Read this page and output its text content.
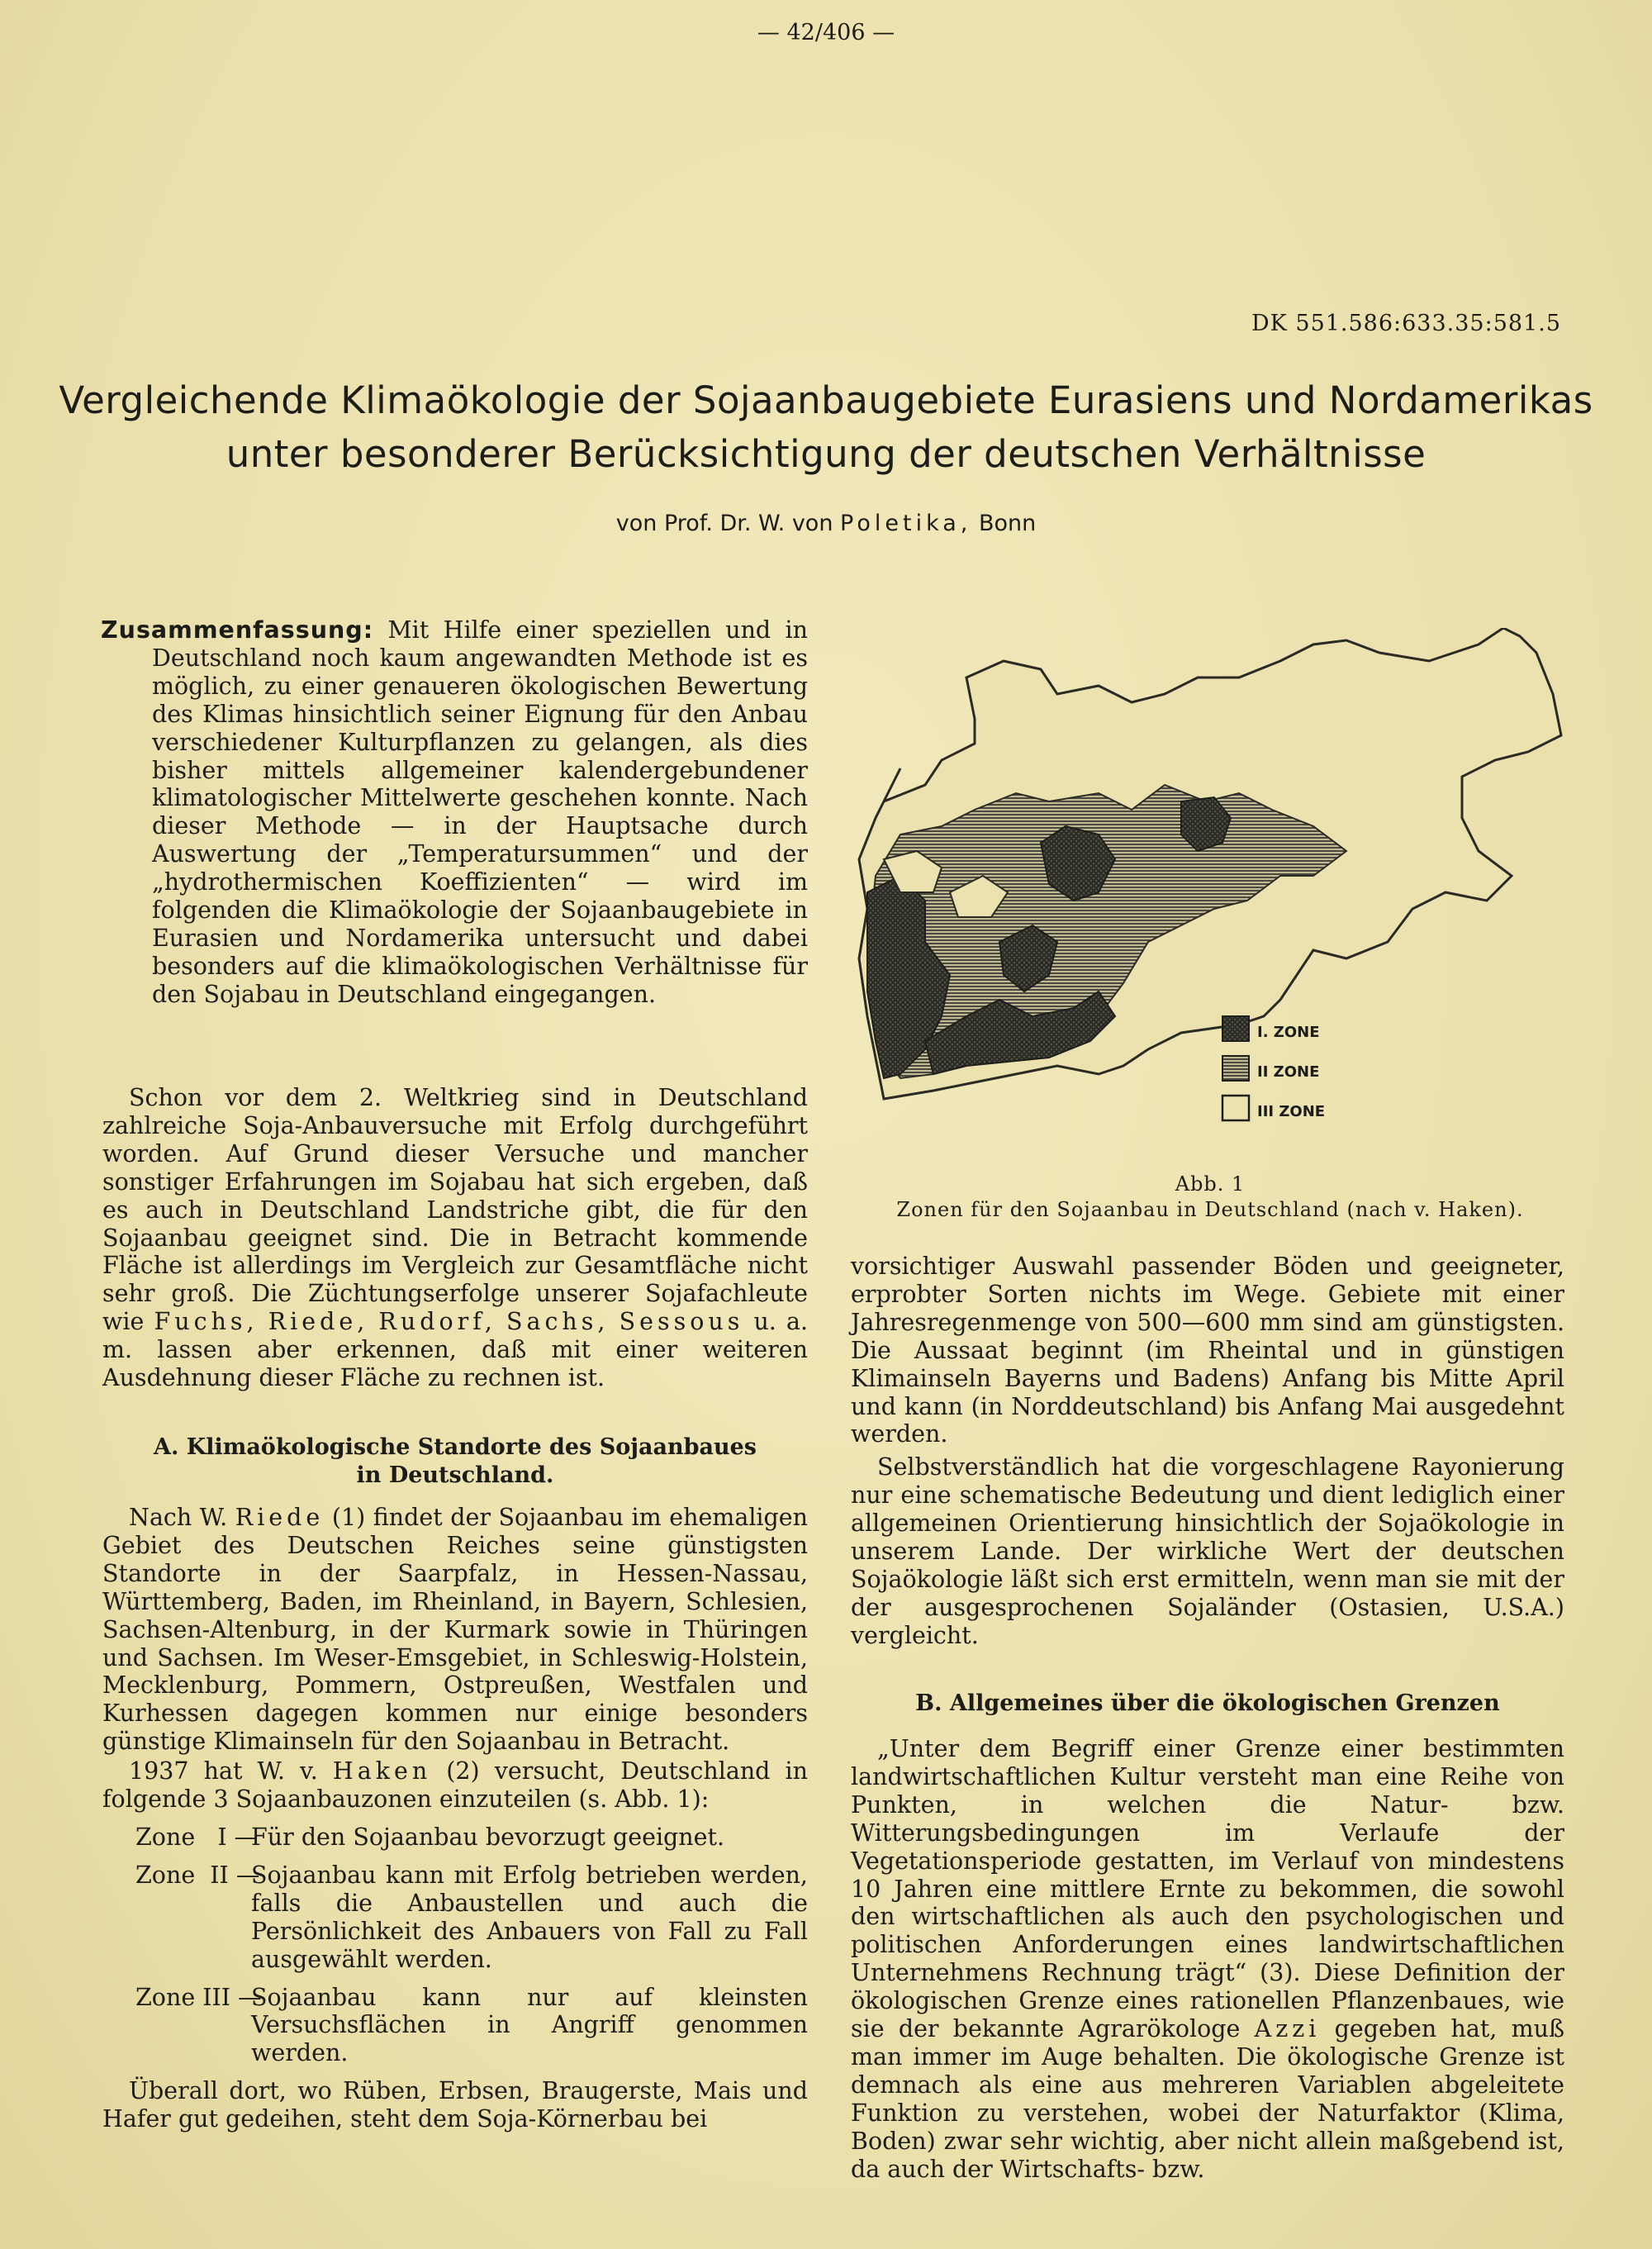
— 42/406 —
DK 551.586:633.35:581.5
Vergleichende Klimaökologie der Sojaanbaugebiete Eurasiens und Nordamerikas
unter besonderer Berücksichtigung der deutschen Verhältnisse
von Prof. Dr. W. von Poletika, Bonn

Zusammenfassung: Mit Hilfe einer speziellen und in Deutschland noch kaum angewandten Methode ist es möglich, zu einer genaueren ökologischen Bewertung des Klimas hinsichtlich seiner Eignung für den Anbau verschiedener Kulturpflanzen zu gelangen, als dies bisher mittels allgemeiner kalendergebundener klimatologischer Mittelwerte geschehen konnte. Nach dieser Methode — in der Hauptsache durch Auswertung der „Temperatursummen“ und der „hydrothermischen Koeffizienten“ — wird im folgenden die Klimaökologie der Sojaanbaugebiete in Eurasien und Nordamerika untersucht und dabei besonders auf die klimaökologischen Verhältnisse für den Sojabau in Deutschland eingegangen.

Schon vor dem 2. Weltkrieg sind in Deutschland zahlreiche Soja-Anbauversuche mit Erfolg durchgeführt worden. Auf Grund dieser Versuche und mancher sonstiger Erfahrungen im Sojabau hat sich ergeben, daß es auch in Deutschland Landstriche gibt, die für den Sojaanbau geeignet sind. Die in Betracht kommende Fläche ist allerdings im Vergleich zur Gesamtfläche nicht sehr groß. Die Züchtungserfolge unserer Sojafachleute wie Fuchs, Riede, Rudorf, Sachs, Sessous u. a. m. lassen aber erkennen, daß mit einer weiteren Ausdehnung dieser Fläche zu rechnen ist.

A. Klimaökologische Standorte des Sojaanbaues

in Deutschland.

Nach W. Riede (1) findet der Sojaanbau im ehemaligen Gebiet des Deutschen Reiches seine günstigsten Standorte in der Saarpfalz, in Hessen-Nassau, Württemberg, Baden, im Rheinland, in Bayern, Schlesien, Sachsen-Altenburg, in der Kurmark sowie in Thüringen und Sachsen. Im Weser-Emsgebiet, in Schleswig-Holstein, Mecklenburg, Pommern, Ostpreußen, Westfalen und Kurhessen dagegen kommen nur einige besonders günstige Klimainseln für den Sojaanbau in Betracht.

1937 hat W. v. Haken (2) versucht, Deutschland in folgende 3 Sojaanbauzonen einzuteilen (s. Abb. 1):

Zone   I —
Für den Sojaanbau bevorzugt geeignet.
Zone  II —
Sojaanbau kann mit Erfolg betrieben werden, falls die Anbaustellen und auch die Persönlichkeit des Anbauers von Fall zu Fall ausgewählt werden.
Zone III —
Sojaanbau kann nur auf kleinsten Versuchsflächen in Angriff genommen werden.

Überall dort, wo Rüben, Erbsen, Braugerste, Mais und Hafer gut gedeihen, steht dem Soja-Körnerbau bei

I. ZONE
II ZONE
III ZONE
Abb. 1
Zonen für den Sojaanbau in Deutschland (nach v. Haken).

vorsichtiger Auswahl passender Böden und geeigneter, erprobter Sorten nichts im Wege. Gebiete mit einer Jahresregenmenge von 500—600 mm sind am günstigsten. Die Aussaat beginnt (im Rheintal und in günstigen Klimainseln Bayerns und Badens) Anfang bis Mitte April und kann (in Norddeutschland) bis Anfang Mai ausgedehnt werden.

Selbstverständlich hat die vorgeschlagene Rayonierung nur eine schematische Bedeutung und dient lediglich einer allgemeinen Orientierung hinsichtlich der Sojaökologie in unserem Lande. Der wirkliche Wert der deutschen Sojaökologie läßt sich erst ermitteln, wenn man sie mit der der ausgesprochenen Sojaländer (Ostasien, U.S.A.) vergleicht.

B. Allgemeines über die ökologischen Grenzen

„Unter dem Begriff einer Grenze einer bestimmten landwirtschaftlichen Kultur versteht man eine Reihe von Punkten, in welchen die Natur- bzw. Witterungsbedingungen im Verlaufe der Vegetationsperiode gestatten, im Verlauf von mindestens 10 Jahren eine mittlere Ernte zu bekommen, die sowohl den wirtschaftlichen als auch den psychologischen und politischen Anforderungen eines landwirtschaftlichen Unternehmens Rechnung trägt“ (3). Diese Definition der ökologischen Grenze eines rationellen Pflanzenbaues, wie sie der bekannte Agrarökologe Azzi gegeben hat, muß man immer im Auge behalten. Die ökologische Grenze ist demnach als eine aus mehreren Variablen abgeleitete Funktion zu verstehen, wobei der Naturfaktor (Klima, Boden) zwar sehr wichtig, aber nicht allein maßgebend ist, da auch der Wirtschafts- bzw.
